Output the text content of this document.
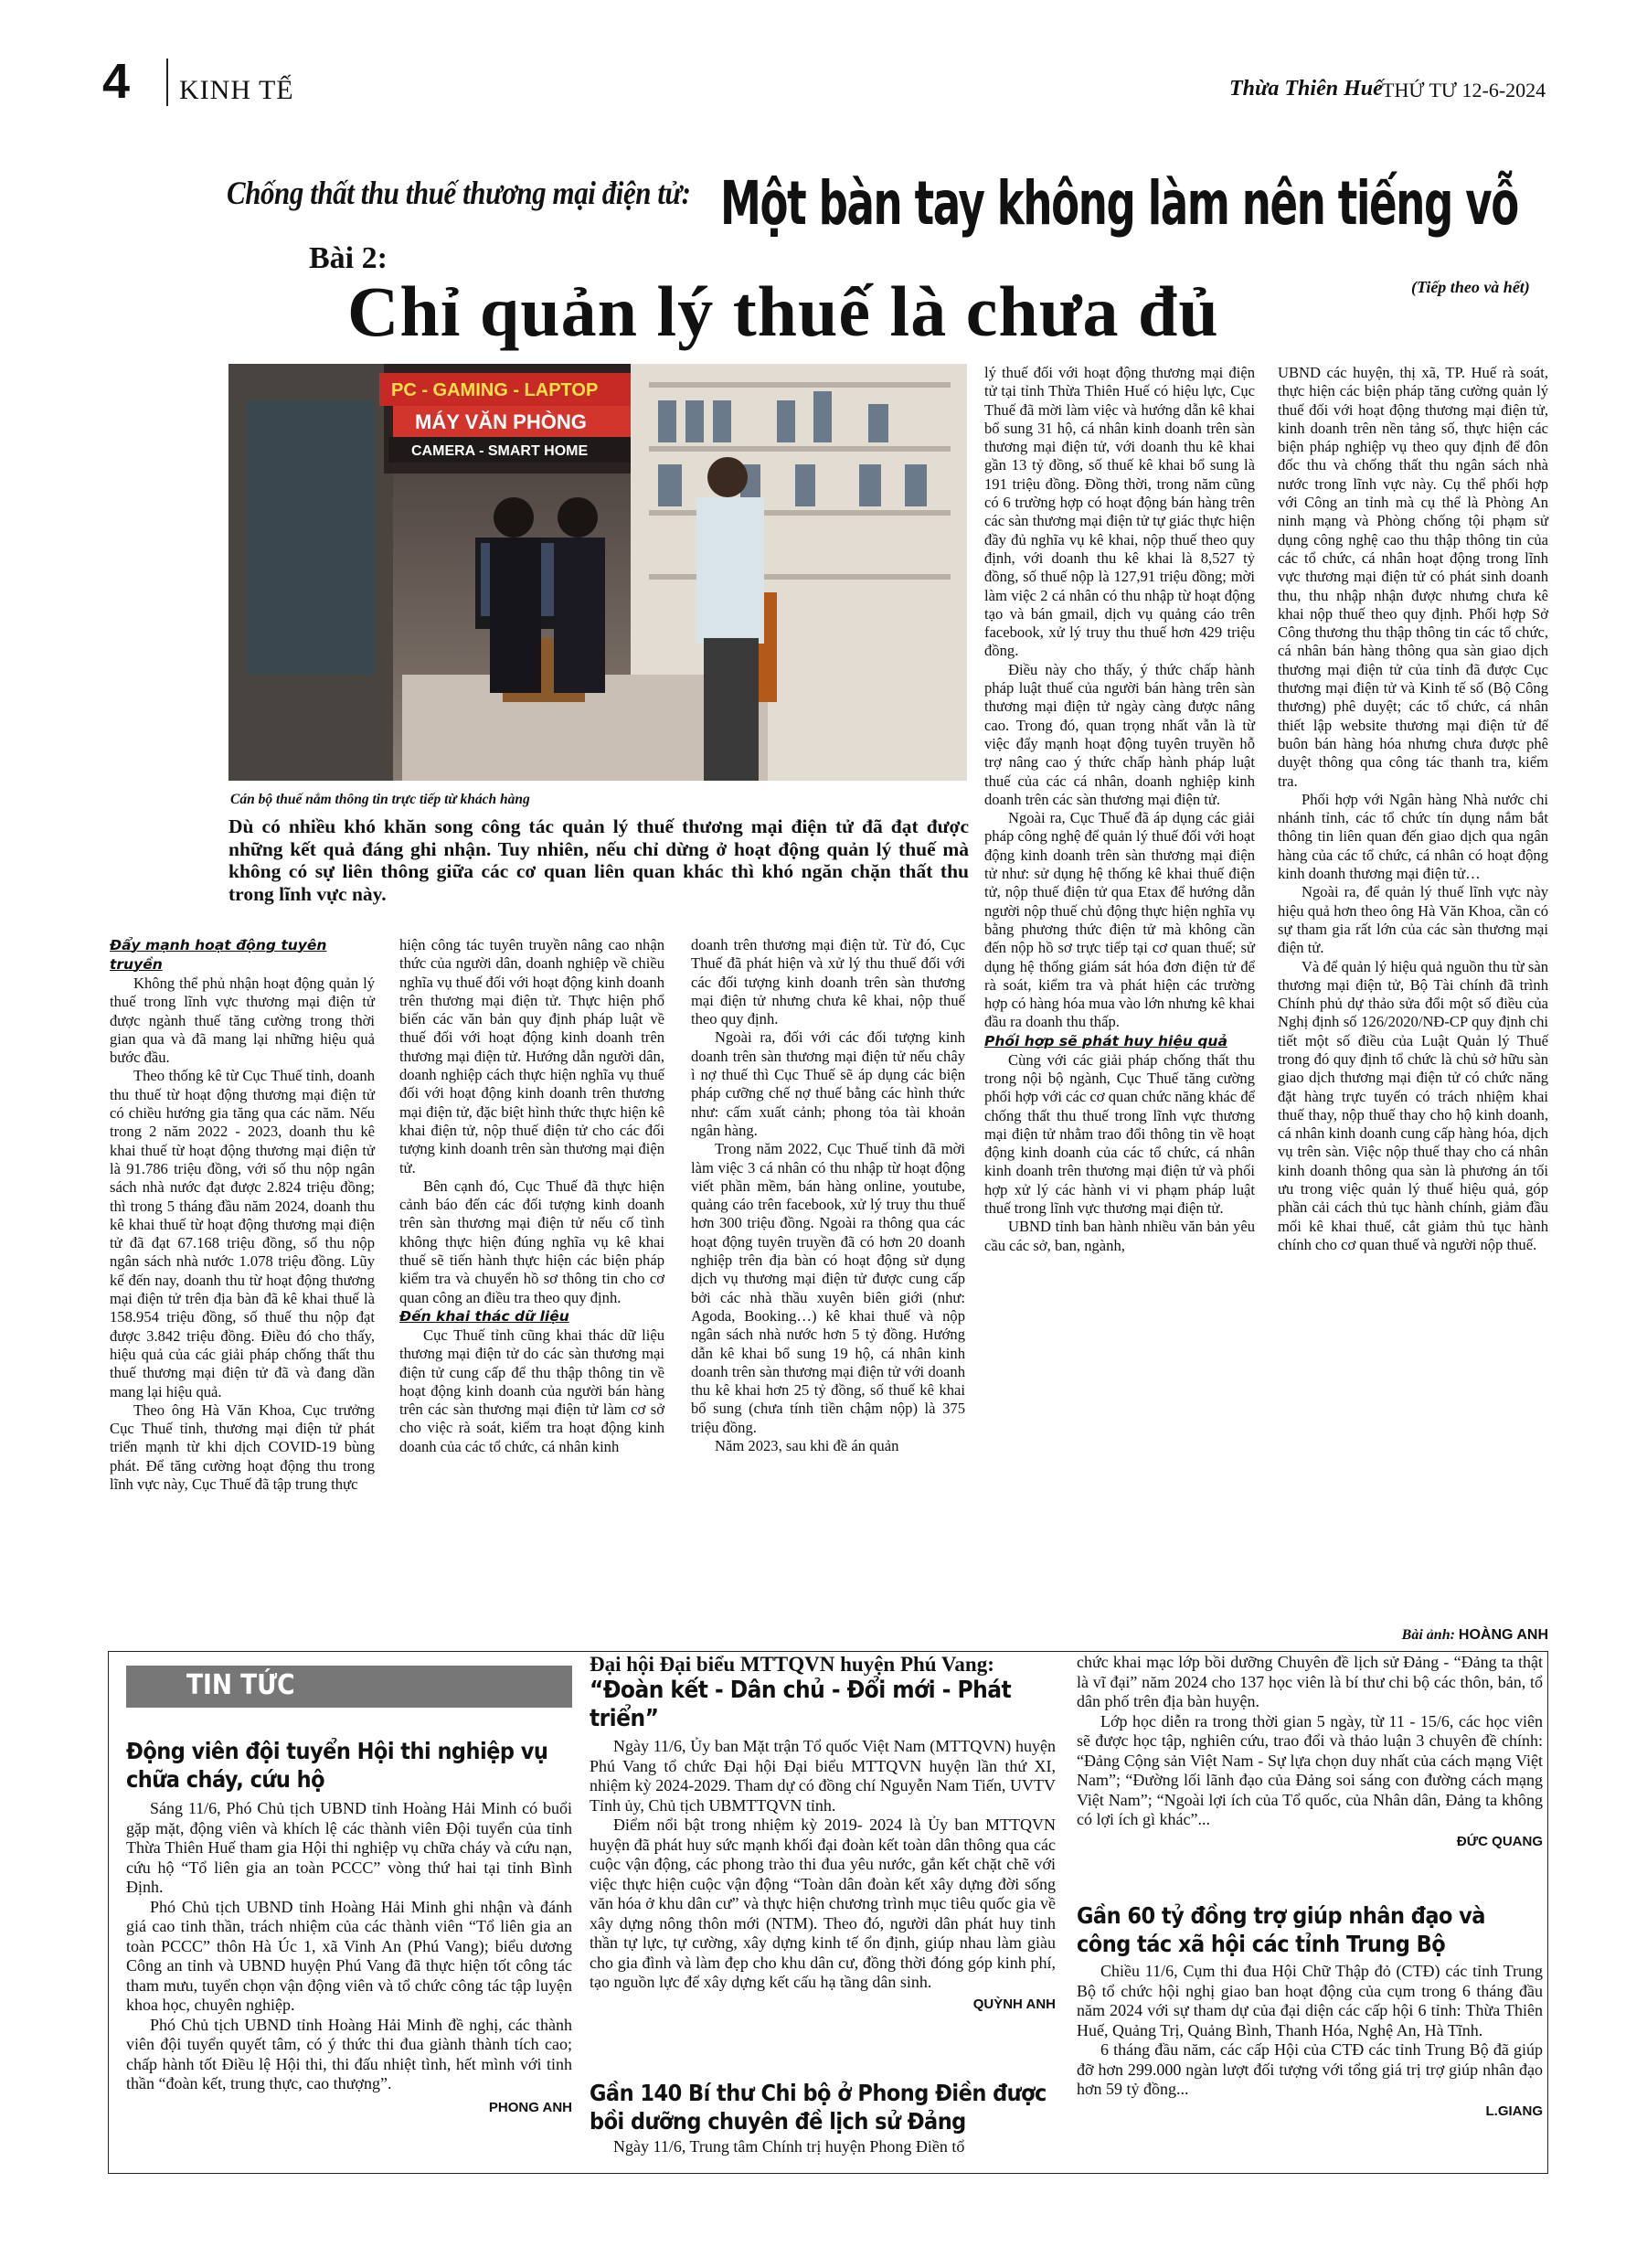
4 KINH TẾ	Thừa Thiên Huế THỨ TƯ 12-6-2024
Chống thất thu thuế thương mại điện tử: Một bàn tay không làm nên tiếng vỗ
Bài 2:
Chỉ quản lý thuế là chưa đủ	(Tiếp theo và hết)
PC - GAMING - LAPTOP
MÁY VĂN PHÒNG
CAMERA - SMART HOME
Cán bộ thuế nắm thông tin trực tiếp từ khách hàng

Dù có nhiều khó khăn song công tác quản lý thuế thương mại điện tử đã đạt được những kết quả đáng ghi nhận. Tuy nhiên, nếu chỉ dừng ở hoạt động quản lý thuế mà không có sự liên thông giữa các cơ quan liên quan khác thì khó ngăn chặn thất thu trong lĩnh vực này.

Đẩy mạnh hoạt động tuyên truyền

Không thể phủ nhận hoạt động quản lý thuế trong lĩnh vực thương mại điện tử được ngành thuế tăng cường trong thời gian qua và đã mang lại những hiệu quả bước đầu.

Theo thống kê từ Cục Thuế tỉnh, doanh thu thuế từ hoạt động thương mại điện tử có chiều hướng gia tăng qua các năm. Nếu trong 2 năm 2022 - 2023, doanh thu kê khai thuế từ hoạt động thương mại điện tử là 91.786 triệu đồng, với số thu nộp ngân sách nhà nước đạt được 2.824 triệu đồng; thì trong 5 tháng đầu năm 2024, doanh thu kê khai thuế từ hoạt động thương mại điện tử đã đạt 67.168 triệu đồng, số thu nộp ngân sách nhà nước 1.078 triệu đồng. Lũy kế đến nay, doanh thu từ hoạt động thương mại điện tử trên địa bàn đã kê khai thuế là 158.954 triệu đồng, số thuế thu nộp đạt được 3.842 triệu đồng. Điều đó cho thấy, hiệu quả của các giải pháp chống thất thu thuế thương mại điện tử đã và đang dần mang lại hiệu quả.

Theo ông Hà Văn Khoa, Cục trưởng Cục Thuế tỉnh, thương mại điện tử phát triển mạnh từ khi dịch COVID-19 bùng phát. Để tăng cường hoạt động thu trong lĩnh vực này, Cục Thuế đã tập trung thực

hiện công tác tuyên truyền nâng cao nhận thức của người dân, doanh nghiệp về chiều nghĩa vụ thuế đối với hoạt động kinh doanh trên thương mại điện tử. Thực hiện phổ biến các văn bản quy định pháp luật về thuế đối với hoạt động kinh doanh trên thương mại điện tử. Hướng dẫn người dân, doanh nghiệp cách thực hiện nghĩa vụ thuế đối với hoạt động kinh doanh trên thương mại điện tử, đặc biệt hình thức thực hiện kê khai điện tử, nộp thuế điện tử cho các đối tượng kinh doanh trên sàn thương mại điện tử.

Bên cạnh đó, Cục Thuế đã thực hiện cảnh báo đến các đối tượng kinh doanh trên sàn thương mại điện tử nếu cố tình không thực hiện đúng nghĩa vụ kê khai thuế sẽ tiến hành thực hiện các biện pháp kiểm tra và chuyển hồ sơ thông tin cho cơ quan công an điều tra theo quy định.

Đến khai thác dữ liệu

Cục Thuế tỉnh cũng khai thác dữ liệu thương mại điện tử do các sàn thương mại điện tử cung cấp để thu thập thông tin về hoạt động kinh doanh của người bán hàng trên các sàn thương mại điện tử làm cơ sở cho việc rà soát, kiểm tra hoạt động kinh doanh của các tổ chức, cá nhân kinh

doanh trên thương mại điện tử. Từ đó, Cục Thuế đã phát hiện và xử lý thu thuế đối với các đối tượng kinh doanh trên sàn thương mại điện tử nhưng chưa kê khai, nộp thuế theo quy định.

Ngoài ra, đối với các đối tượng kinh doanh trên sàn thương mại điện tử nếu chây ì nợ thuế thì Cục Thuế sẽ áp dụng các biện pháp cưỡng chế nợ thuế bằng các hình thức như: cấm xuất cảnh; phong tỏa tài khoản ngân hàng.

Trong năm 2022, Cục Thuế tỉnh đã mời làm việc 3 cá nhân có thu nhập từ hoạt động viết phần mềm, bán hàng online, youtube, quảng cáo trên facebook, xử lý truy thu thuế hơn 300 triệu đồng. Ngoài ra thông qua các hoạt động tuyên truyền đã có hơn 20 doanh nghiệp trên địa bàn có hoạt động sử dụng dịch vụ thương mại điện tử được cung cấp bởi các nhà thầu xuyên biên giới (như: Agoda, Booking…) kê khai thuế và nộp ngân sách nhà nước hơn 5 tỷ đồng. Hướng dẫn kê khai bổ sung 19 hộ, cá nhân kinh doanh trên sàn thương mại điện tử với doanh thu kê khai hơn 25 tỷ đồng, số thuế kê khai bổ sung (chưa tính tiền chậm nộp) là 375 triệu đồng.

Năm 2023, sau khi đề án quản

lý thuế đối với hoạt động thương mại điện tử tại tỉnh Thừa Thiên Huế có hiệu lực, Cục Thuế đã mời làm việc và hướng dẫn kê khai bổ sung 31 hộ, cá nhân kinh doanh trên sàn thương mại điện tử, với doanh thu kê khai gần 13 tỷ đồng, số thuế kê khai bổ sung là 191 triệu đồng. Đồng thời, trong năm cũng có 6 trường hợp có hoạt động bán hàng trên các sàn thương mại điện tử tự giác thực hiện đầy đủ nghĩa vụ kê khai, nộp thuế theo quy định, với doanh thu kê khai là 8,527 tỷ đồng, số thuế nộp là 127,91 triệu đồng; mời làm việc 2 cá nhân có thu nhập từ hoạt động tạo và bán gmail, dịch vụ quảng cáo trên facebook, xử lý truy thu thuế hơn 429 triệu đồng.

Điều này cho thấy, ý thức chấp hành pháp luật thuế của người bán hàng trên sàn thương mại điện tử ngày càng được nâng cao. Trong đó, quan trọng nhất vẫn là từ việc đẩy mạnh hoạt động tuyên truyền hỗ trợ nâng cao ý thức chấp hành pháp luật thuế của các cá nhân, doanh nghiệp kinh doanh trên các sàn thương mại điện tử.

Ngoài ra, Cục Thuế đã áp dụng các giải pháp công nghệ để quản lý thuế đối với hoạt động kinh doanh trên sàn thương mại điện tử như: sử dụng hệ thống kê khai thuế điện tử, nộp thuế điện tử qua Etax để hướng dẫn người nộp thuế chủ động thực hiện nghĩa vụ bằng phương thức điện tử mà không cần đến nộp hồ sơ trực tiếp tại cơ quan thuế; sử dụng hệ thống giám sát hóa đơn điện tử để rà soát, kiểm tra và phát hiện các trường hợp có hàng hóa mua vào lớn nhưng kê khai đầu ra doanh thu thấp.

Phối hợp sẽ phát huy hiệu quả

Cùng với các giải pháp chống thất thu trong nội bộ ngành, Cục Thuế tăng cường phối hợp với các cơ quan chức năng khác để chống thất thu thuế trong lĩnh vực thương mại điện tử nhằm trao đổi thông tin về hoạt động kinh doanh của các tổ chức, cá nhân kinh doanh trên thương mại điện tử và phối hợp xử lý các hành vi vi phạm pháp luật thuế trong lĩnh vực thương mại điện tử.

UBND tỉnh ban hành nhiều văn bản yêu cầu các sở, ban, ngành,

UBND các huyện, thị xã, TP. Huế rà soát, thực hiện các biện pháp tăng cường quản lý thuế đối với hoạt động thương mại điện tử, kinh doanh trên nền tảng số, thực hiện các biện pháp nghiệp vụ theo quy định để đôn đốc thu và chống thất thu ngân sách nhà nước trong lĩnh vực này. Cụ thể phối hợp với Công an tỉnh mà cụ thể là Phòng An ninh mạng và Phòng chống tội phạm sử dụng công nghệ cao thu thập thông tin của các tổ chức, cá nhân hoạt động trong lĩnh vực thương mại điện tử có phát sinh doanh thu, thu nhập nhận được nhưng chưa kê khai nộp thuế theo quy định. Phối hợp Sở Công thương thu thập thông tin các tổ chức, cá nhân bán hàng thông qua sàn giao dịch thương mại điện tử của tỉnh đã được Cục thương mại điện tử và Kinh tế số (Bộ Công thương) phê duyệt; các tổ chức, cá nhân thiết lập website thương mại điện tử để buôn bán hàng hóa nhưng chưa được phê duyệt thông qua công tác thanh tra, kiểm tra.

Phối hợp với Ngân hàng Nhà nước chi nhánh tỉnh, các tổ chức tín dụng nắm bắt thông tin liên quan đến giao dịch qua ngân hàng của các tổ chức, cá nhân có hoạt động kinh doanh thương mại điện tử…

Ngoài ra, để quản lý thuế lĩnh vực này hiệu quả hơn theo ông Hà Văn Khoa, cần có sự tham gia rất lớn của các sàn thương mại điện tử.

Và để quản lý hiệu quả nguồn thu từ sàn thương mại điện tử, Bộ Tài chính đã trình Chính phủ dự thảo sửa đổi một số điều của Nghị định số 126/2020/NĐ-CP quy định chi tiết một số điều của Luật Quản lý Thuế trong đó quy định tổ chức là chủ sở hữu sàn giao dịch thương mại điện tử có chức năng đặt hàng trực tuyến có trách nhiệm khai thuế thay, nộp thuế thay cho hộ kinh doanh, cá nhân kinh doanh cung cấp hàng hóa, dịch vụ trên sàn. Việc nộp thuế thay cho cá nhân kinh doanh thông qua sàn là phương án tối ưu trong việc quản lý thuế hiệu quả, góp phần cải cách thủ tục hành chính, giảm đầu mối kê khai thuế, cắt giảm thủ tục hành chính cho cơ quan thuế và người nộp thuế.

Bài ảnh: HOÀNG ANH
TIN TỨC
Động viên đội tuyển Hội thi nghiệp vụ chữa cháy, cứu hộ

Sáng 11/6, Phó Chủ tịch UBND tỉnh Hoàng Hải Minh có buổi gặp mặt, động viên và khích lệ các thành viên Đội tuyển của tỉnh Thừa Thiên Huế tham gia Hội thi nghiệp vụ chữa cháy và cứu nạn, cứu hộ “Tổ liên gia an toàn PCCC” vòng thứ hai tại tỉnh Bình Định.

Phó Chủ tịch UBND tỉnh Hoàng Hải Minh ghi nhận và đánh giá cao tinh thần, trách nhiệm của các thành viên “Tổ liên gia an toàn PCCC” thôn Hà Úc 1, xã Vinh An (Phú Vang); biểu dương Công an tỉnh và UBND huyện Phú Vang đã thực hiện tốt công tác tham mưu, tuyển chọn vận động viên và tổ chức công tác tập luyện khoa học, chuyên nghiệp.

Phó Chủ tịch UBND tỉnh Hoàng Hải Minh đề nghị, các thành viên đội tuyển quyết tâm, có ý thức thi đua giành thành tích cao; chấp hành tốt Điều lệ Hội thi, thi đấu nhiệt tình, hết mình với tinh thần “đoàn kết, trung thực, cao thượng”.

PHONG ANH
Đại hội Đại biểu MTTQVN huyện Phú Vang:
“Đoàn kết - Dân chủ - Đổi mới - Phát triển”

Ngày 11/6, Ủy ban Mặt trận Tổ quốc Việt Nam (MTTQVN) huyện Phú Vang tổ chức Đại hội Đại biểu MTTQVN huyện lần thứ XI, nhiệm kỳ 2024-2029. Tham dự có đồng chí Nguyễn Nam Tiến, UVTV Tỉnh ủy, Chủ tịch UBMTTQVN tỉnh.

Điểm nổi bật trong nhiệm kỳ 2019- 2024 là Ủy ban MTTQVN huyện đã phát huy sức mạnh khối đại đoàn kết toàn dân thông qua các cuộc vận động, các phong trào thi đua yêu nước, gắn kết chặt chẽ với việc thực hiện cuộc vận động “Toàn dân đoàn kết xây dựng đời sống văn hóa ở khu dân cư” và thực hiện chương trình mục tiêu quốc gia về xây dựng nông thôn mới (NTM). Theo đó, người dân phát huy tinh thần tự lực, tự cường, xây dựng kinh tế ổn định, giúp nhau làm giàu cho gia đình và làm đẹp cho khu dân cư, đồng thời đóng góp kinh phí, tạo nguồn lực để xây dựng kết cấu hạ tầng dân sinh.

QUỲNH ANH
Gần 140 Bí thư Chi bộ ở Phong Điền được bồi dưỡng chuyên đề lịch sử Đảng

Ngày 11/6, Trung tâm Chính trị huyện Phong Điền tổ

chức khai mạc lớp bồi dưỡng Chuyên đề lịch sử Đảng - “Đảng ta thật là vĩ đại” năm 2024 cho 137 học viên là bí thư chi bộ các thôn, bản, tổ dân phố trên địa bàn huyện.

Lớp học diễn ra trong thời gian 5 ngày, từ 11 - 15/6, các học viên sẽ được học tập, nghiên cứu, trao đổi và thảo luận 3 chuyên đề chính: “Đảng Cộng sản Việt Nam - Sự lựa chọn duy nhất của cách mạng Việt Nam”; “Đường lối lãnh đạo của Đảng soi sáng con đường cách mạng Việt Nam”; “Ngoài lợi ích của Tổ quốc, của Nhân dân, Đảng ta không có lợi ích gì khác”...

ĐỨC QUANG
Gần 60 tỷ đồng trợ giúp nhân đạo và công tác xã hội các tỉnh Trung Bộ

Chiều 11/6, Cụm thi đua Hội Chữ Thập đỏ (CTĐ) các tỉnh Trung Bộ tổ chức hội nghị giao ban hoạt động của cụm trong 6 tháng đầu năm 2024 với sự tham dự của đại diện các cấp hội 6 tỉnh: Thừa Thiên Huế, Quảng Trị, Quảng Bình, Thanh Hóa, Nghệ An, Hà Tĩnh.

6 tháng đầu năm, các cấp Hội của CTĐ các tỉnh Trung Bộ đã giúp đỡ hơn 299.000 ngàn lượt đối tượng với tổng giá trị trợ giúp nhân đạo hơn 59 tỷ đồng...

L.GIANG
